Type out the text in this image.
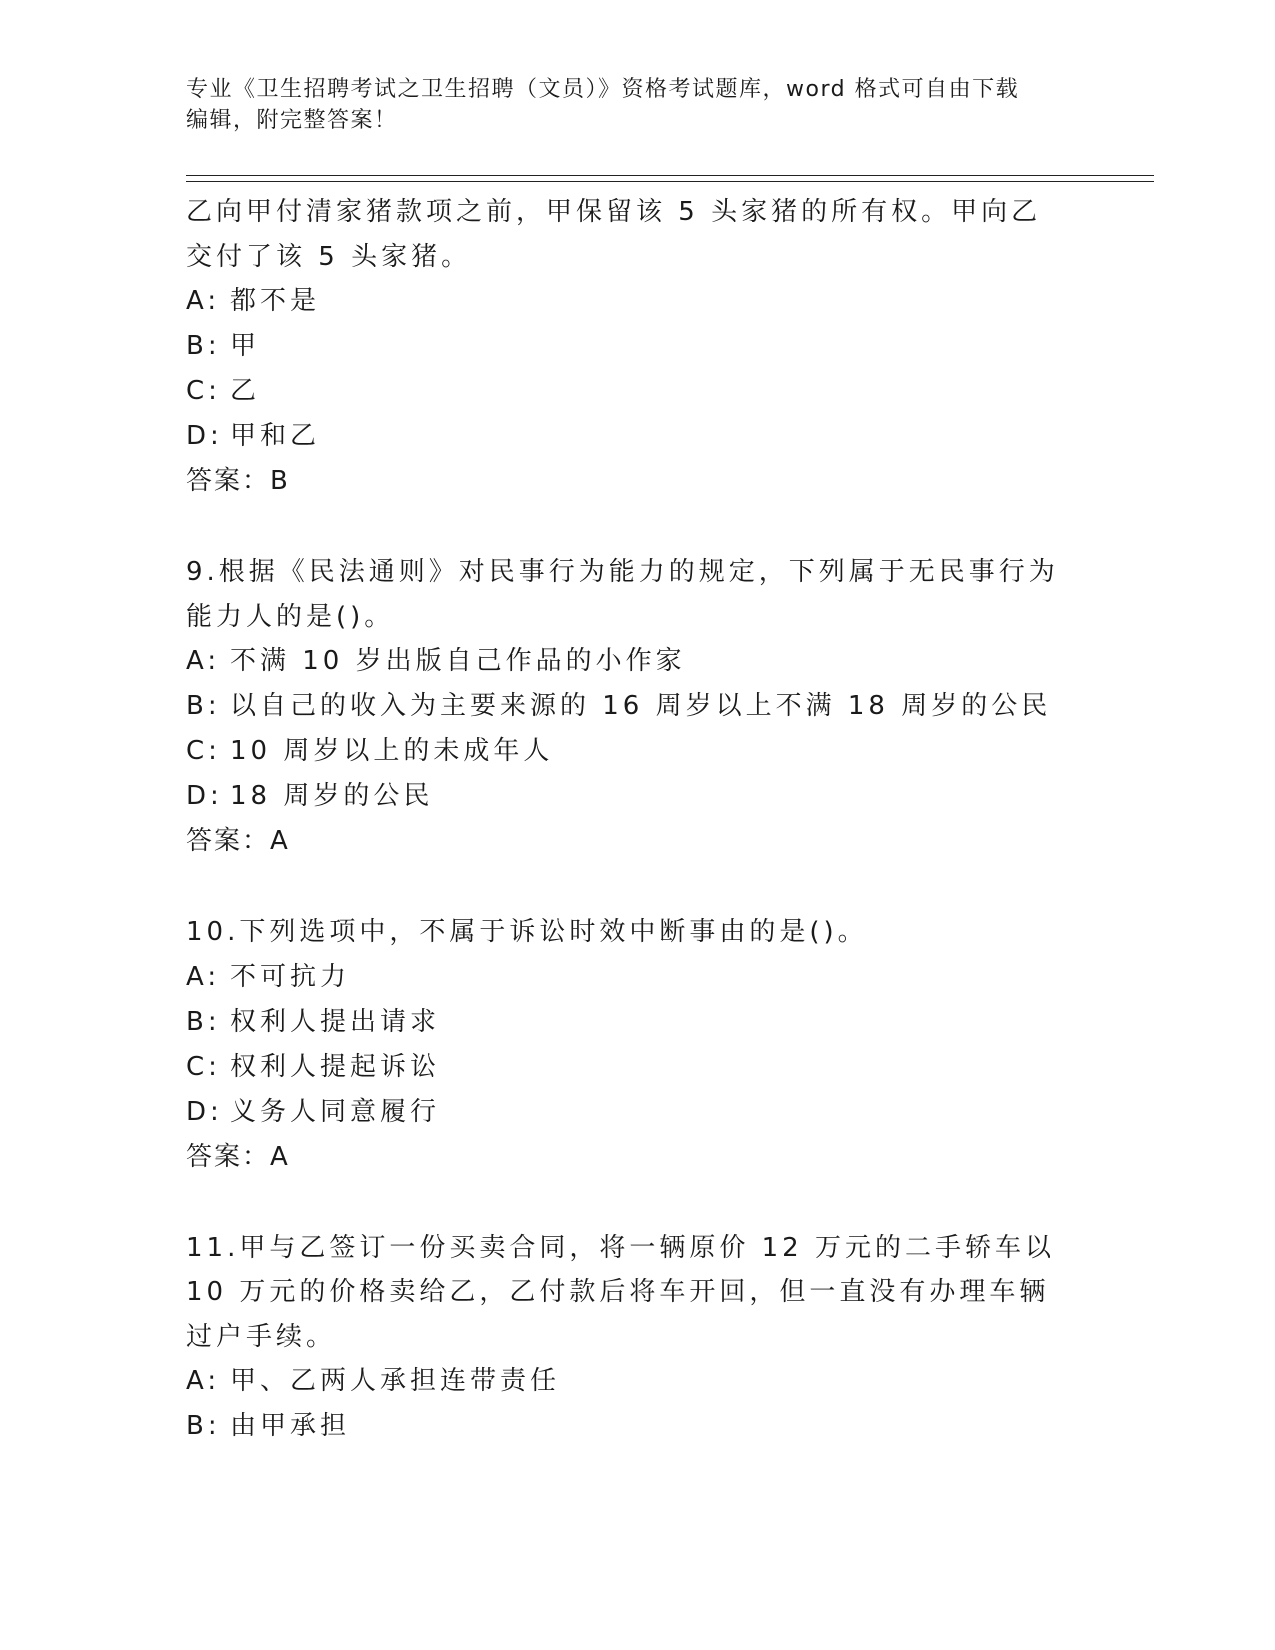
专业《卫生招聘考试之卫生招聘（文员）》资格考试题库，word 格式可自由下载
编辑，附完整答案！

乙向甲付清家猪款项之前，甲保留该 5 头家猪的所有权。甲向乙交付了该 5 头家猪。

A: 都不是
B: 甲
C: 乙
D: 甲和乙
答案：B

9.根据《民法通则》对民事行为能力的规定，下列属于无民事行为能力人的是()。

A: 不满 10 岁出版自己作品的小作家
B: 以自己的收入为主要来源的 16 周岁以上不满 18 周岁的公民
C: 10 周岁以上的未成年人
D: 18 周岁的公民
答案：A

10.下列选项中，不属于诉讼时效中断事由的是()。

A: 不可抗力
B: 权利人提出请求
C: 权利人提起诉讼
D: 义务人同意履行
答案：A

11.甲与乙签订一份买卖合同，将一辆原价 12 万元的二手轿车以 10 万元的价格卖给乙，乙付款后将车开回，但一直没有办理车辆过户手续。

A: 甲、乙两人承担连带责任
B: 由甲承担
